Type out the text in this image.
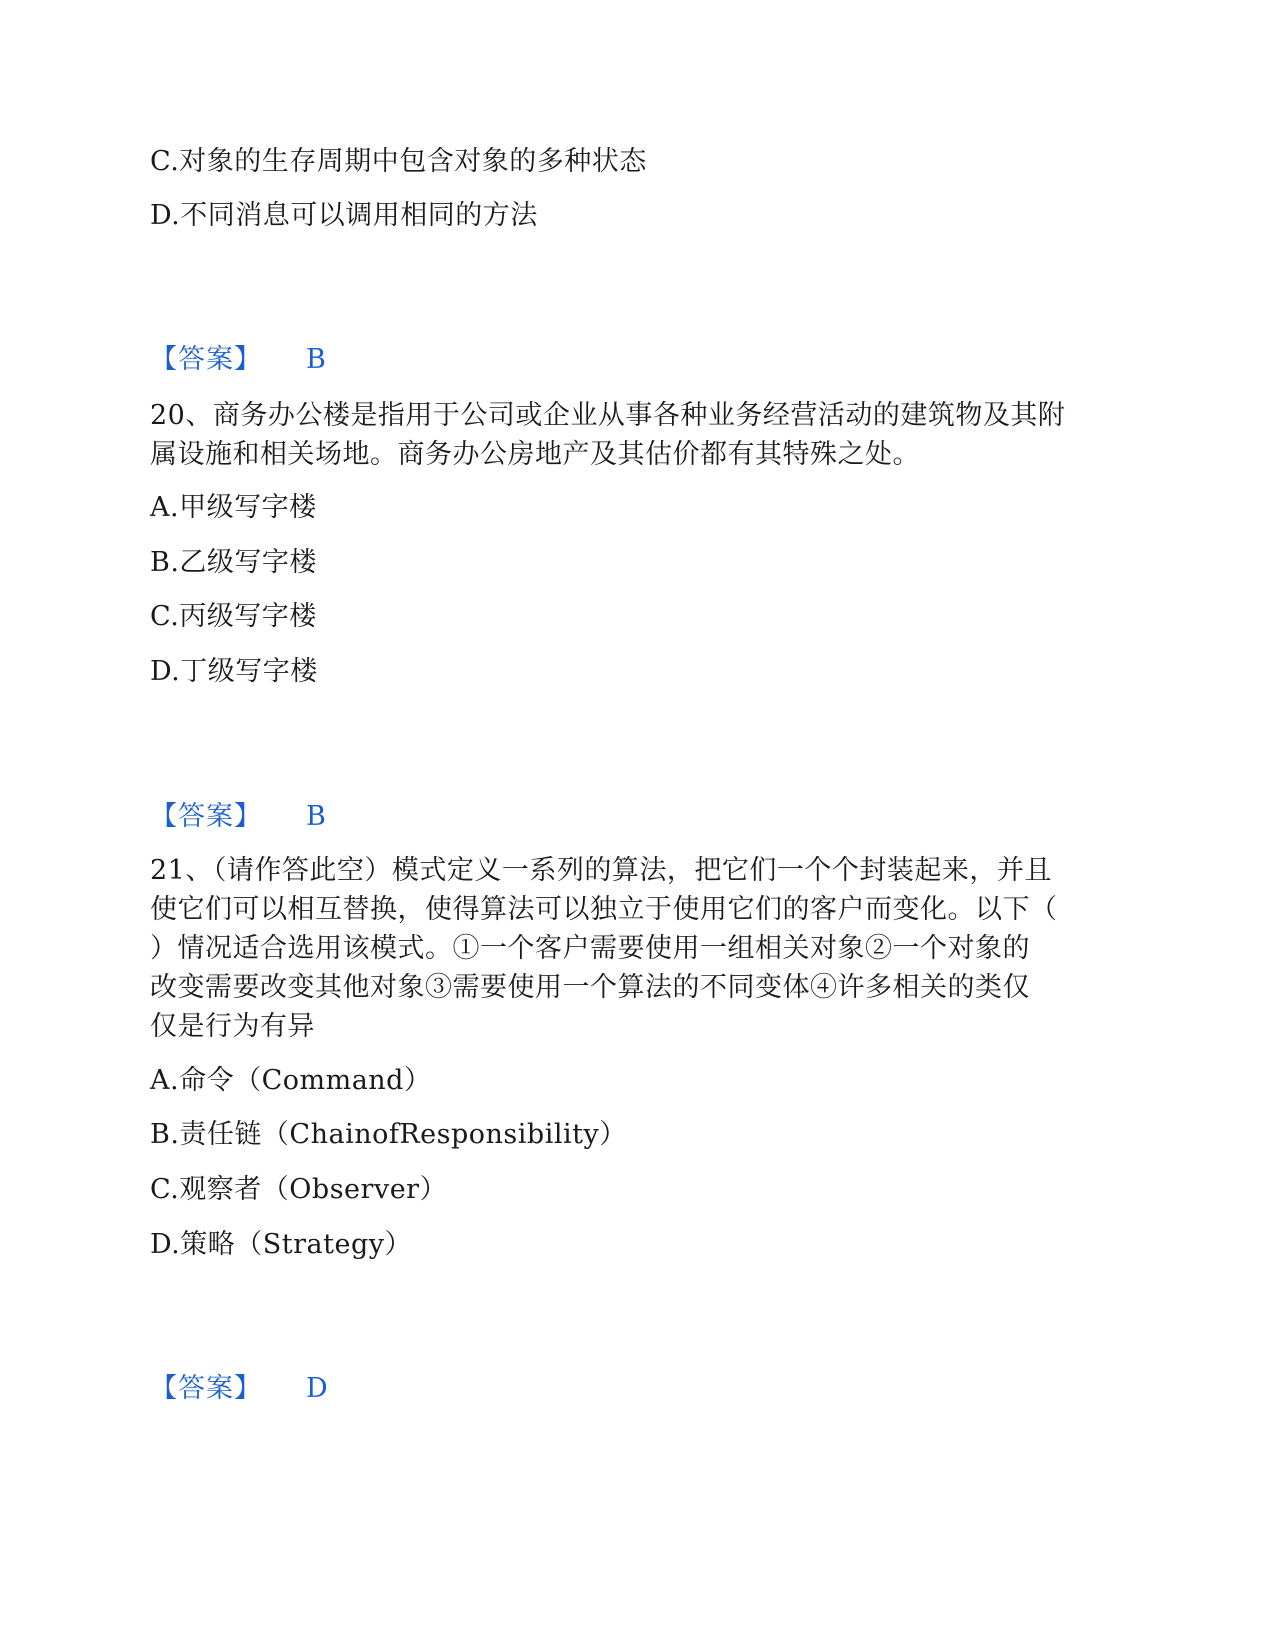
C.对象的生存周期中包含对象的多种状态
D.不同消息可以调用相同的方法
【答案】 B
20、商务办公楼是指用于公司或企业从事各种业务经营活动的建筑物及其附
属设施和相关场地。商务办公房地产及其估价都有其特殊之处。
A.甲级写字楼
B.乙级写字楼
C.丙级写字楼
D.丁级写字楼
【答案】 B
21、（请作答此空）模式定义一系列的算法，把它们一个个封装起来，并且
使它们可以相互替换，使得算法可以独立于使用它们的客户而变化。以下（
）情况适合选用该模式。①一个客户需要使用一组相关对象②一个对象的
改变需要改变其他对象③需要使用一个算法的不同变体④许多相关的类仅
仅是行为有异
A.命令（Command）
B.责任链（ChainofResponsibility）
C.观察者（Observer）
D.策略（Strategy）
【答案】 D
